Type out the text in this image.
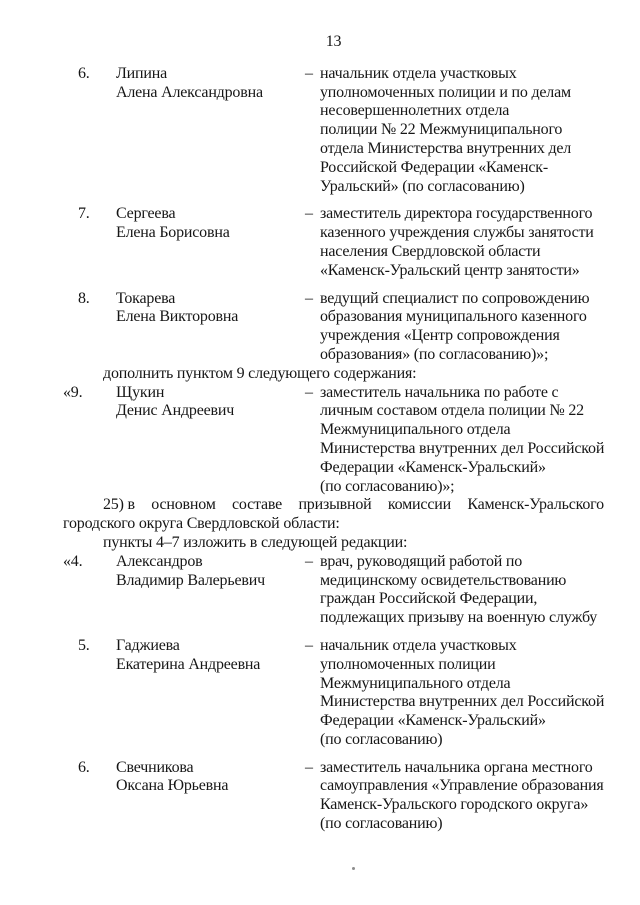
13
6.	Липина
Алена Александровна
– начальник отдела участковых
уполномоченных полиции и по делам
несовершеннолетних отдела
полиции № 22 Межмуниципального
отдела Министерства внутренних дел
Российской Федерации «Каменск-
Уральский» (по согласованию)
7.	Сергеева
Елена Борисовна
– заместитель директора государственного
казенного учреждения службы занятости
населения Свердловской области
«Каменск-Уральский центр занятости»
8.	Токарева
Елена Викторовна
– ведущий специалист по сопровождению
образования муниципального казенного
учреждения «Центр сопровождения
образования» (по согласованию)»;
дополнить пунктом 9 следующего содержания:
«9.	Щукин
Денис Андреевич
– заместитель начальника по работе с
личным составом отдела полиции № 22
Межмуниципального отдела
Министерства внутренних дел Российской
Федерации «Каменск-Уральский»
(по согласованию)»;
25) в основном составе призывной комиссии Каменск-Уральского
городского округа Свердловской области:
пункты 4–7 изложить в следующей редакции:
«4.	Александров
Владимир Валерьевич
– врач, руководящий работой по
медицинскому освидетельствованию
граждан Российской Федерации,
подлежащих призыву на военную службу
5.	Гаджиева
Екатерина Андреевна
– начальник отдела участковых
уполномоченных полиции
Межмуниципального отдела
Министерства внутренних дел Российской
Федерации «Каменск-Уральский»
(по согласованию)
6.	Свечникова
Оксана Юрьевна
– заместитель начальника органа местного
самоуправления «Управление образования
Каменск-Уральского городского округа»
(по согласованию)
